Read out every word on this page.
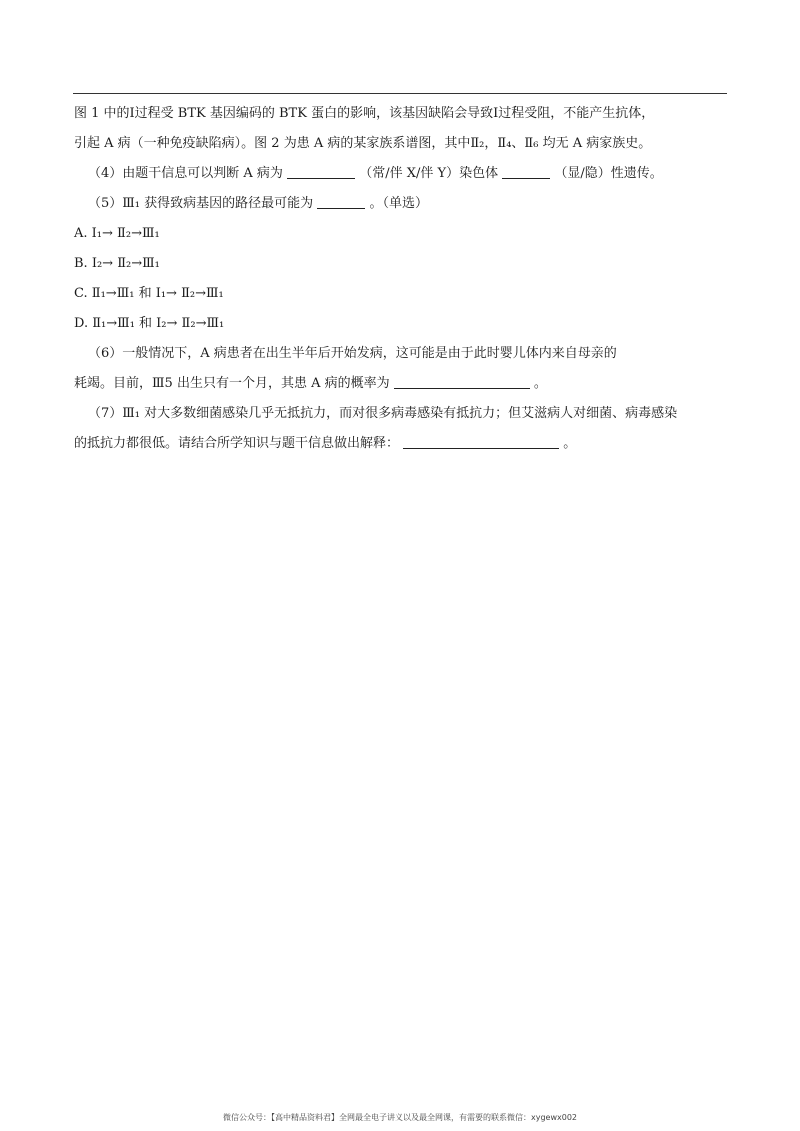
图 1 中的Ⅰ过程受 BTK 基因编码的 BTK 蛋白的影响，该基因缺陷会导致Ⅰ过程受阻，不能产生抗体，
引起 A 病（一种免疫缺陷病）。图 2 为患 A 病的某家族系谱图，其中Ⅱ₂，Ⅱ₄、Ⅱ₆ 均无 A 病家族史。
（4）由题干信息可以判断 A 病为	（常/伴 X/伴 Y）染色体	（显/隐）性遗传。
（5）Ⅲ₁ 获得致病基因的路径最可能为	。（单选）
A. Ⅰ₁→ Ⅱ₂→Ⅲ₁
B. Ⅰ₂→ Ⅱ₂→Ⅲ₁
C. Ⅱ₁→Ⅲ₁ 和 Ⅰ₁→ Ⅱ₂→Ⅲ₁
D. Ⅱ₁→Ⅲ₁ 和 Ⅰ₂→ Ⅱ₂→Ⅲ₁
（6）一般情况下，A 病患者在出生半年后开始发病，这可能是由于此时婴儿体内来自母亲的
耗竭。目前，Ⅲ5 出生只有一个月，其患 A 病的概率为	。
（7）Ⅲ₁ 对大多数细菌感染几乎无抵抗力，而对很多病毒感染有抵抗力；但艾滋病人对细菌、病毒感染
的抵抗力都很低。请结合所学知识与题干信息做出解释：	。
微信公众号：【高中精品资料君】全网最全电子讲义以及最全网课，有需要的联系微信：xygewx002
